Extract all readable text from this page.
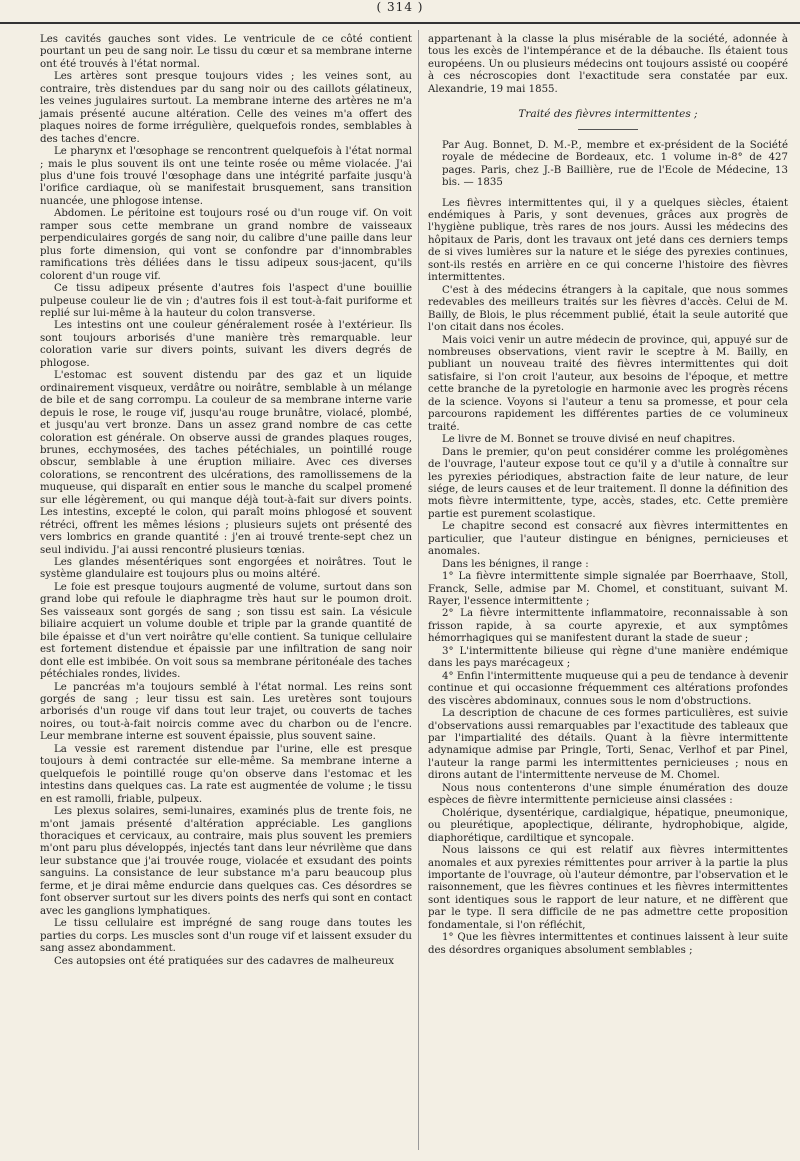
( 314 )

Les cavités gauches sont vides. Le ventricule de ce côté contient pourtant un peu de sang noir. Le tissu du cœur et sa membrane interne ont été trouvés à l'état normal.

Les artères sont presque toujours vides ; les veines sont, au contraire, très distendues par du sang noir ou des caillots gélatineux, les veines jugulaires surtout. La membrane interne des artères ne m'a jamais présenté aucune altération. Celle des veines m'a offert des plaques noires de forme irrégulière, quelquefois rondes, semblables à des taches d'encre.

Le pharynx et l'œsophage se rencontrent quelquefois à l'état normal ; mais le plus souvent ils ont une teinte rosée ou même violacée. J'ai plus d'une fois trouvé l'œsophage dans une intégrité parfaite jusqu'à l'orifice cardiaque, où se manifestait brusquement, sans transition nuancée, une phlogose intense.

Abdomen. Le péritoine est toujours rosé ou d'un rouge vif. On voit ramper sous cette membrane un grand nombre de vaisseaux perpendiculaires gorgés de sang noir, du calibre d'une paille dans leur plus forte dimension, qui vont se confondre par d'innombrables ramifications très déliées dans le tissu adipeux sous-jacent, qu'ils colorent d'un rouge vif.

Ce tissu adipeux présente d'autres fois l'aspect d'une bouillie pulpeuse couleur lie de vin ; d'autres fois il est tout-à-fait puriforme et replié sur lui-même à la hauteur du colon transverse.

Les intestins ont une couleur généralement rosée à l'extérieur. Ils sont toujours arborisés d'une manière très remarquable. leur coloration varie sur divers points, suivant les divers degrés de phlogose.

L'estomac est souvent distendu par des gaz et un liquide ordinairement visqueux, verdâtre ou noirâtre, semblable à un mélange de bile et de sang corrompu. La couleur de sa membrane interne varie depuis le rose, le rouge vif, jusqu'au rouge brunâtre, violacé, plombé, et jusqu'au vert bronze. Dans un assez grand nombre de cas cette coloration est générale. On observe aussi de grandes plaques rouges, brunes, ecchymosées, des taches pétéchiales, un pointillé rouge obscur, semblable à une éruption miliaire. Avec ces diverses colorations, se rencontrent des ulcérations, des ramollissemens de la muqueuse, qui disparaît en entier sous le manche du scalpel promené sur elle légèrement, ou qui manque déjà tout-à-fait sur divers points. Les intestins, excepté le colon, qui paraît moins phlogosé et souvent rétréci, offrent les mêmes lésions ; plusieurs sujets ont présenté des vers lombrics en grande quantité : j'en ai trouvé trente-sept chez un seul individu. J'ai aussi rencontré plusieurs tœnias.

Les glandes mésentériques sont engorgées et noirâtres. Tout le système glandulaire est toujours plus ou moins altéré.

Le foie est presque toujours augmenté de volume, surtout dans son grand lobe qui refoule le diaphragme très haut sur le poumon droit. Ses vaisseaux sont gorgés de sang ; son tissu est sain. La vésicule biliaire acquiert un volume double et triple par la grande quantité de bile épaisse et d'un vert noirâtre qu'elle contient. Sa tunique cellulaire est fortement distendue et épaissie par une infiltration de sang noir dont elle est imbibée. On voit sous sa membrane péritonéale des taches pétéchiales rondes, livides.

Le pancréas m'a toujours semblé à l'état normal. Les reins sont gorgés de sang ; leur tissu est sain. Les uretères sont toujours arborisés d'un rouge vif dans tout leur trajet, ou couverts de taches noires, ou tout-à-fait noircis comme avec du charbon ou de l'encre. Leur membrane interne est souvent épaissie, plus souvent saine.

La vessie est rarement distendue par l'urine, elle est presque toujours à demi contractée sur elle-même. Sa membrane interne a quelquefois le pointillé rouge qu'on observe dans l'estomac et les intestins dans quelques cas. La rate est augmentée de volume ; le tissu en est ramolli, friable, pulpeux.

Les plexus solaires, semi-lunaires, examinés plus de trente fois, ne m'ont jamais présenté d'altération appréciable. Les ganglions thoraciques et cervicaux, au contraire, mais plus souvent les premiers m'ont paru plus développés, injectés tant dans leur névrilème que dans leur substance que j'ai trouvée rouge, violacée et exsudant des points sanguins. La consistance de leur substance m'a paru beaucoup plus ferme, et je dirai même endurcie dans quelques cas. Ces désordres se font observer surtout sur les divers points des nerfs qui sont en contact avec les ganglions lymphatiques.

Le tissu cellulaire est imprégné de sang rouge dans toutes les parties du corps. Les muscles sont d'un rouge vif et laissent exsuder du sang assez abondamment.

Ces autopsies ont été pratiquées sur des cadavres de malheureux

appartenant à la classe la plus misérable de la société, adonnée à tous les excès de l'intempérance et de la débauche. Ils étaient tous européens. Un ou plusieurs médecins ont toujours assisté ou coopéré à ces nécroscopies dont l'exactitude sera constatée par eux. Alexandrie, 19 mai 1855.

Traité des fièvres intermittentes ;

Par Aug. Bonnet, D. M.-P., membre et ex-président de la Société royale de médecine de Bordeaux, etc. 1 volume in-8° de 427 pages. Paris, chez J.-B Baillière, rue de l'Ecole de Médecine, 13 bis. — 1835

Les fièvres intermittentes qui, il y a quelques siècles, étaient endémiques à Paris, y sont devenues, grâces aux progrès de l'hygiène publique, très rares de nos jours. Aussi les médecins des hôpitaux de Paris, dont les travaux ont jeté dans ces derniers temps de si vives lumières sur la nature et le siége des pyrexies continues, sont-ils restés en arrière en ce qui concerne l'histoire des fièvres intermittentes.

C'est à des médecins étrangers à la capitale, que nous sommes redevables des meilleurs traités sur les fièvres d'accès. Celui de M. Bailly, de Blois, le plus récemment publié, était la seule autorité que l'on citait dans nos écoles.

Mais voici venir un autre médecin de province, qui, appuyé sur de nombreuses observations, vient ravir le sceptre à M. Bailly, en publiant un nouveau traité des fièvres intermittentes qui doit satisfaire, si l'on croit l'auteur, aux besoins de l'époque, et mettre cette branche de la pyretologie en harmonie avec les progrès récens de la science. Voyons si l'auteur a tenu sa promesse, et pour cela parcourons rapidement les différentes parties de ce volumineux traité.

Le livre de M. Bonnet se trouve divisé en neuf chapitres.

Dans le premier, qu'on peut considérer comme les prolégomènes de l'ouvrage, l'auteur expose tout ce qu'il y a d'utile à connaître sur les pyrexies périodiques, abstraction faite de leur nature, de leur siége, de leurs causes et de leur traitement. Il donne la définition des mots fièvre intermittente, type, accès, stades, etc. Cette première partie est purement scolastique.

Le chapitre second est consacré aux fièvres intermittentes en particulier, que l'auteur distingue en bénignes, pernicieuses et anomales.

Dans les bénignes, il range :

1° La fièvre intermittente simple signalée par Boerrhaave, Stoll, Franck, Selle, admise par M. Chomel, et constituant, suivant M. Rayer, l'essence intermittente ;

2° La fièvre intermittente inflammatoire, reconnaissable à son frisson rapide, à sa courte apyrexie, et aux symptômes hémorrhagiques qui se manifestent durant la stade de sueur ;

3° L'intermittente bilieuse qui règne d'une manière endémique dans les pays marécageux ;

4° Enfin l'intermittente muqueuse qui a peu de tendance à devenir continue et qui occasionne fréquemment ces altérations profondes des viscères abdominaux, connues sous le nom d'obstructions.

La description de chacune de ces formes particulières, est suivie d'observations aussi remarquables par l'exactitude des tableaux que par l'impartialité des détails. Quant à la fièvre intermittente adynamique admise par Pringle, Torti, Senac, Verlhof et par Pinel, l'auteur la range parmi les intermittentes pernicieuses ; nous en dirons autant de l'intermittente nerveuse de M. Chomel.

Nous nous contenterons d'une simple énumération des douze espèces de fièvre intermittente pernicieuse ainsi classées :

Cholérique, dysentérique, cardialgique, hépatique, pneumonique, ou pleurétique, apoplectique, délirante, hydrophobique, algide, diaphorétique, cardiltique et syncopale.

Nous laissons ce qui est relatif aux fièvres intermittentes anomales et aux pyrexies rémittentes pour arriver à la partie la plus importante de l'ouvrage, où l'auteur démontre, par l'observation et le raisonnement, que les fièvres continues et les fièvres intermittentes sont identiques sous le rapport de leur nature, et ne diffèrent que par le type. Il sera difficile de ne pas admettre cette proposition fondamentale, si l'on réfléchit,

1° Que les fièvres intermittentes et continues laissent à leur suite des désordres organiques absolument semblables ;
